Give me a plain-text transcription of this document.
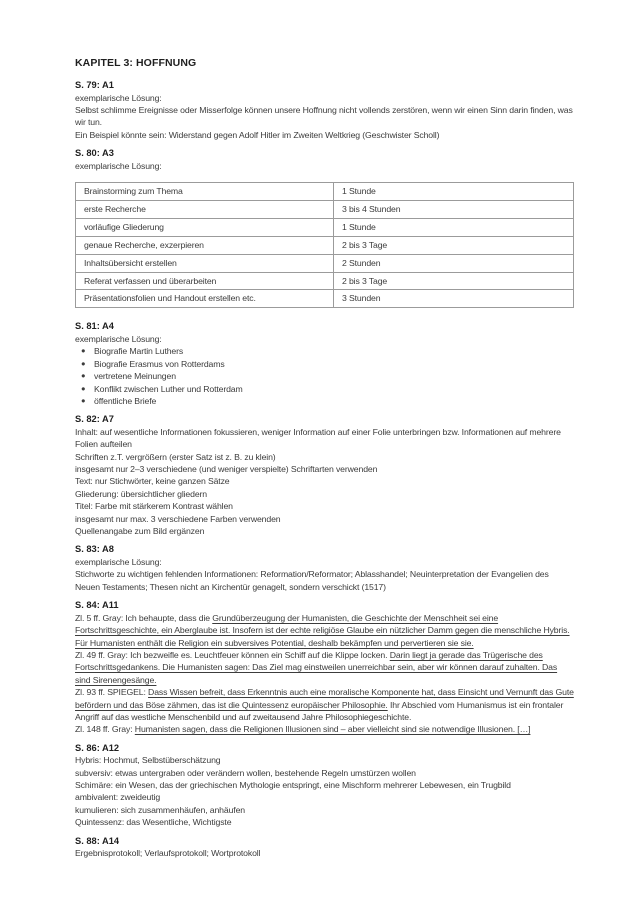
KAPITEL 3: HOFFNUNG
S. 79: A1
exemplarische Lösung:
Selbst schlimme Ereignisse oder Misserfolge können unsere Hoffnung nicht vollends zerstören, wenn wir einen Sinn darin finden, was wir tun.
Ein Beispiel könnte sein: Widerstand gegen Adolf Hitler im Zweiten Weltkrieg (Geschwister Scholl)
S. 80: A3
exemplarische Lösung:
Brainstorming zum Thema	1 Stunde
erste Recherche	3 bis 4 Stunden
vorläufige Gliederung	1 Stunde
genaue Recherche, exzerpieren	2 bis 3 Tage
Inhaltsübersicht erstellen	2 Stunden
Referat verfassen und überarbeiten	2 bis 3 Tage
Präsentationsfolien und Handout erstellen etc.	3 Stunden
S. 81: A4
exemplarische Lösung:
● Biografie Martin Luthers
● Biografie Erasmus von Rotterdams
● vertretene Meinungen
● Konflikt zwischen Luther und Rotterdam
● öffentliche Briefe
S. 82: A7
Inhalt: auf wesentliche Informationen fokussieren, weniger Information auf einer Folie unterbringen bzw. Informationen auf mehrere Folien aufteilen
Schriften z.T. vergrößern (erster Satz ist z. B. zu klein)
insgesamt nur 2–3 verschiedene (und weniger verspielte) Schriftarten verwenden
Text: nur Stichwörter, keine ganzen Sätze
Gliederung: übersichtlicher gliedern
Titel: Farbe mit stärkerem Kontrast wählen
insgesamt nur max. 3 verschiedene Farben verwenden
Quellenangabe zum Bild ergänzen
S. 83: A8
exemplarische Lösung:
Stichworte zu wichtigen fehlenden Informationen: Reformation/Reformator; Ablasshandel; Neuinterpretation der Evangelien des Neuen Testaments; Thesen nicht an Kirchentür genagelt, sondern verschickt (1517)
S. 84: A11
Zl. 5 ff. Gray: Ich behaupte, dass die Grundüberzeugung der Humanisten, die Geschichte der Menschheit sei eine Fortschrittsgeschichte, ein Aberglaube ist. Insofern ist der echte religiöse Glaube ein nützlicher Damm gegen die menschliche Hybris. Für Humanisten enthält die Religion ein subversives Potential, deshalb bekämpfen und pervertieren sie sie.
Zl. 49 ff. Gray: Ich bezweifle es. Leuchtfeuer können ein Schiff auf die Klippe locken. Darin liegt ja gerade das Trügerische des Fortschrittsgedankens. Die Humanisten sagen: Das Ziel mag einstweilen unerreichbar sein, aber wir können darauf zuhalten. Das sind Sirenengesänge.
Zl. 93 ff. SPIEGEL: Dass Wissen befreit, dass Erkenntnis auch eine moralische Komponente hat, dass Einsicht und Vernunft das Gute befördern und das Böse zähmen, das ist die Quintessenz europäischer Philosophie. Ihr Abschied vom Humanismus ist ein frontaler Angriff auf das westliche Menschenbild und auf zweitausend Jahre Philosophiegeschichte.
Zl. 148 ff. Gray: Humanisten sagen, dass die Religionen Illusionen sind – aber vielleicht sind sie notwendige Illusionen. […]
S. 86: A12
Hybris: Hochmut, Selbstüberschätzung
subversiv: etwas untergraben oder verändern wollen, bestehende Regeln umstürzen wollen
Schimäre: ein Wesen, das der griechischen Mythologie entspringt, eine Mischform mehrerer Lebewesen, ein Trugbild
ambivalent: zweideutig
kumulieren: sich zusammenhäufen, anhäufen
Quintessenz: das Wesentliche, Wichtigste
S. 88: A14
Ergebnisprotokoll; Verlaufsprotokoll; Wortprotokoll
